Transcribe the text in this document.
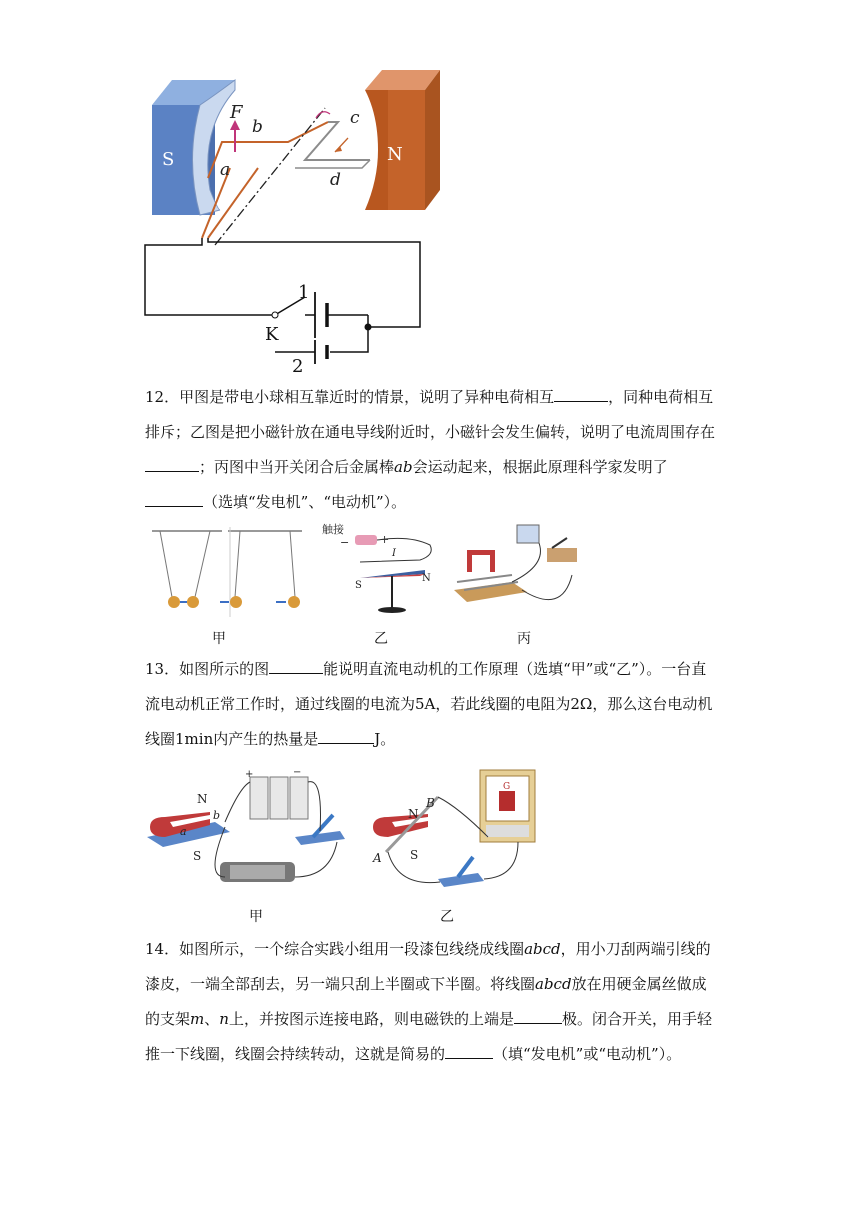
S	N
F
b
a
c
d
1
K
2

12．甲图是带电小球相互靠近时的情景，说明了异种电荷相互	，同种电荷相互排斥；乙图是把小磁针放在通电导线附近时，小磁针会发生偏转，说明了电流周围存在；丙图中当开关闭合后金属棒ab会运动起来，根据此原理科学家发明了（选填“发电机”、“电动机”）。

触接
−	+
I
S
N
甲	乙	丙

13．如图所示的图	能说明直流电动机的工作原理（选填“甲”或“乙”）。一台直流电动机正常工作时，通过线圈的电流为5A，若此线圈的电阻为2Ω，那么这台电动机线圈1min内产生的热量是	J。

N
S
b
a
+	−
N
S
A
B
G
甲	乙

14．如图所示，一个综合实践小组用一段漆包线绕成线圈abcd，用小刀刮两端引线的漆皮，一端全部刮去，另一端只刮上半圈或下半圈。将线圈abcd放在用硬金属丝做成的支架m、n上，并按图示连接电路，则电磁铁的上端是	极。闭合开关，用手轻推一下线圈，线圈会持续转动，这就是简易的	（填“发电机”或“电动机”）。
